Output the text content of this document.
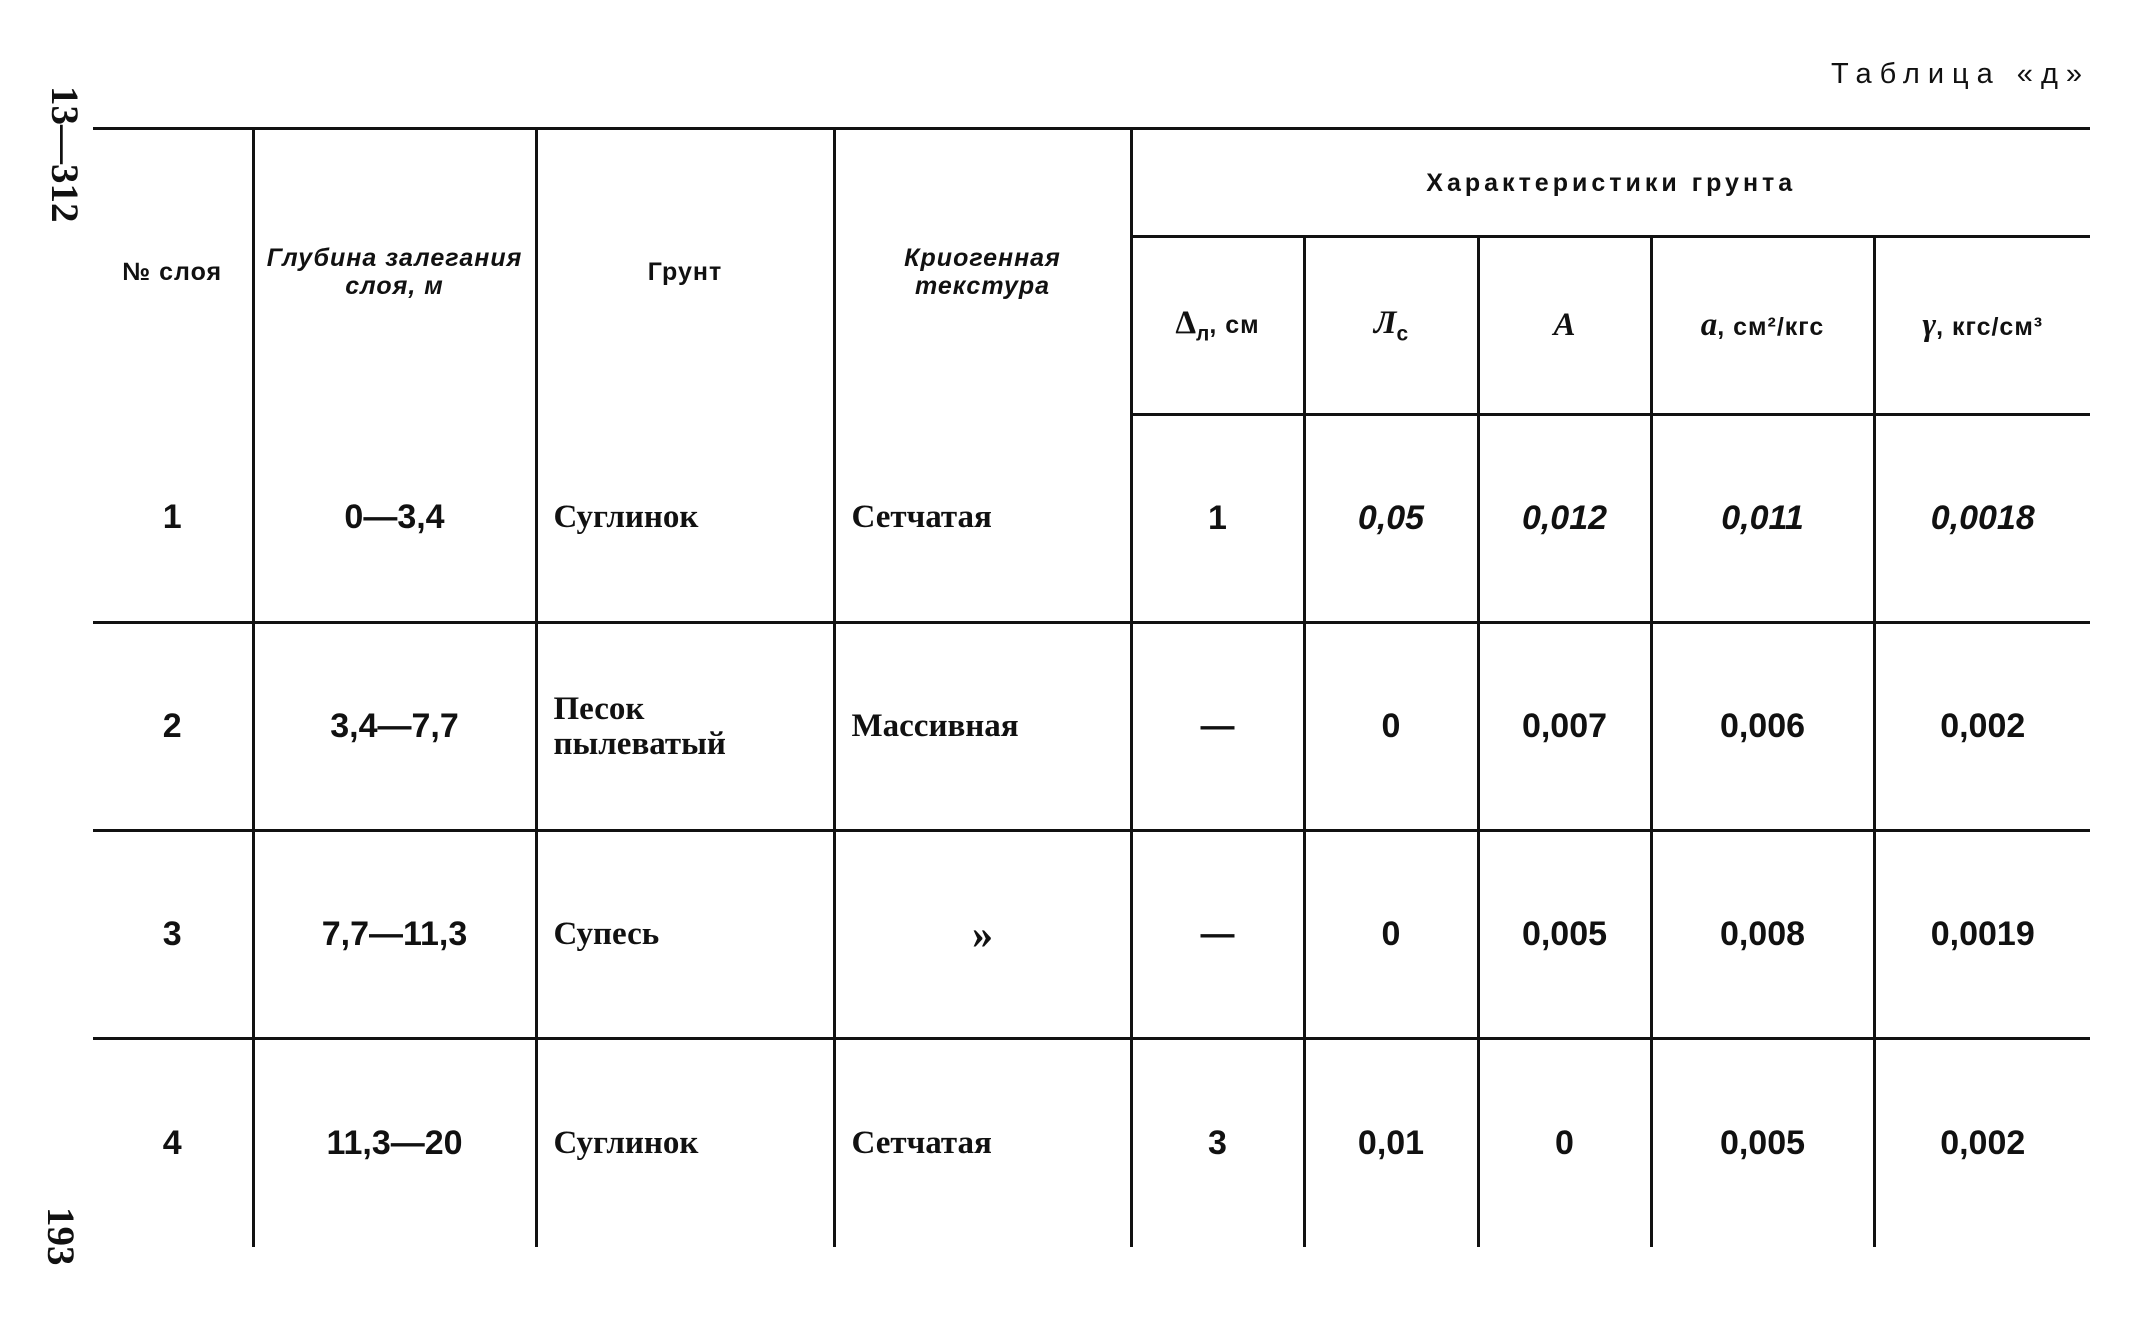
13—312
193
Таблица «д»
№ слоя	Глубина залегания слоя, м	Грунт	Криогенная текстура	Характеристики грунта				
				$\Delta_л$, см	$Л_с$	A	a, см²/кгс	γ, кгс/см³
1	0—3,4	Суглинок	Сетчатая	1	0,05	0,012	0,011	0,0018
2	3,4—7,7	Песок пылеватый	Массивная	—	0	0,007	0,006	0,002
3	7,7—11,3	Супесь	»	—	0	0,005	0,008	0,0019
4	11,3—20	Суглинок	Сетчатая	3	0,01	0	0,005	0,002
